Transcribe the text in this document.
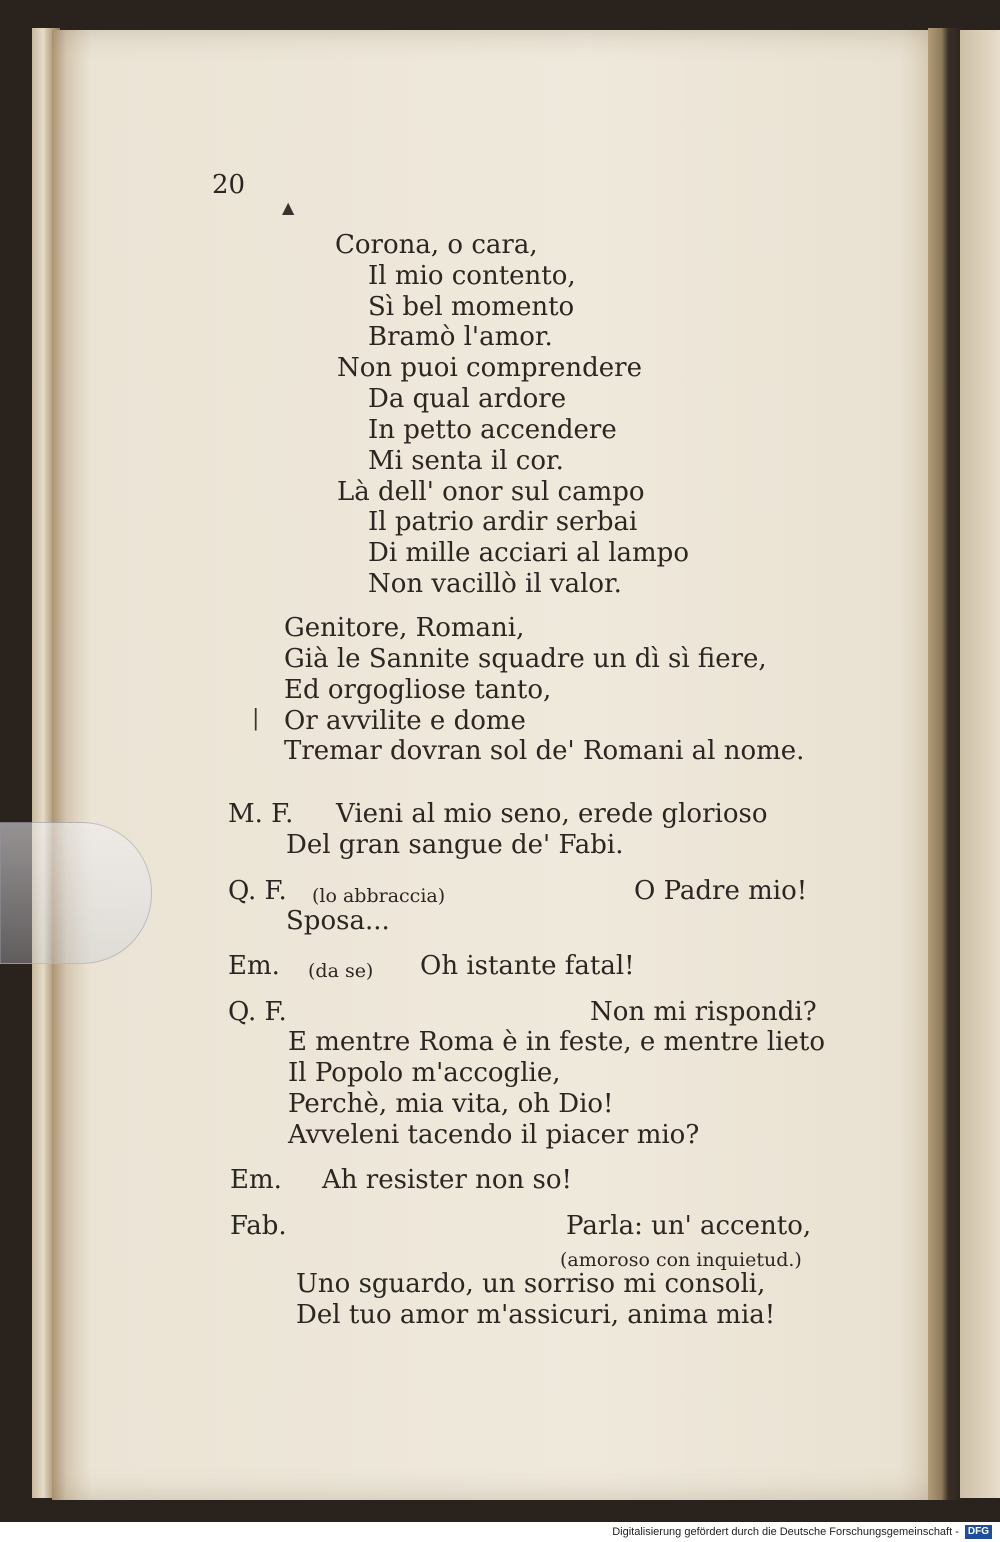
20
▲
Corona, o cara,
Il mio contento,
Sì bel momento
Bramò l'amor.
Non puoi comprendere
Da qual ardore
In petto accendere
Mi senta il cor.
Là dell' onor sul campo
Il patrio ardir serbai
Di mille acciari al lampo
Non vacillò il valor.
Genitore, Romani,
Già le Sannite squadre un dì sì fiere,
Ed orgogliose tanto,
| Or avvilite e dome
Tremar dovran sol de' Romani al nome.
M. F. Vieni al mio seno, erede glorioso
Del gran sangue de' Fabi.
Q. F. (lo abbraccia)	O Padre mio!
Sposa...
Em. (da se) Oh istante fatal!
Q. F.	Non mi rispondi?
E mentre Roma è in feste, e mentre lieto
Il Popolo m'accoglie,
Perchè, mia vita, oh Dio!
Avveleni tacendo il piacer mio?
Em. Ah resister non so!
Fab.	Parla: un' accento,
(amoroso con inquietud.)
Uno sguardo, un sorriso mi consoli,
Del tuo amor m'assicuri, anima mia!
Digitalisierung gefördert durch die Deutsche Forschungsgemeinschaft - DFG
